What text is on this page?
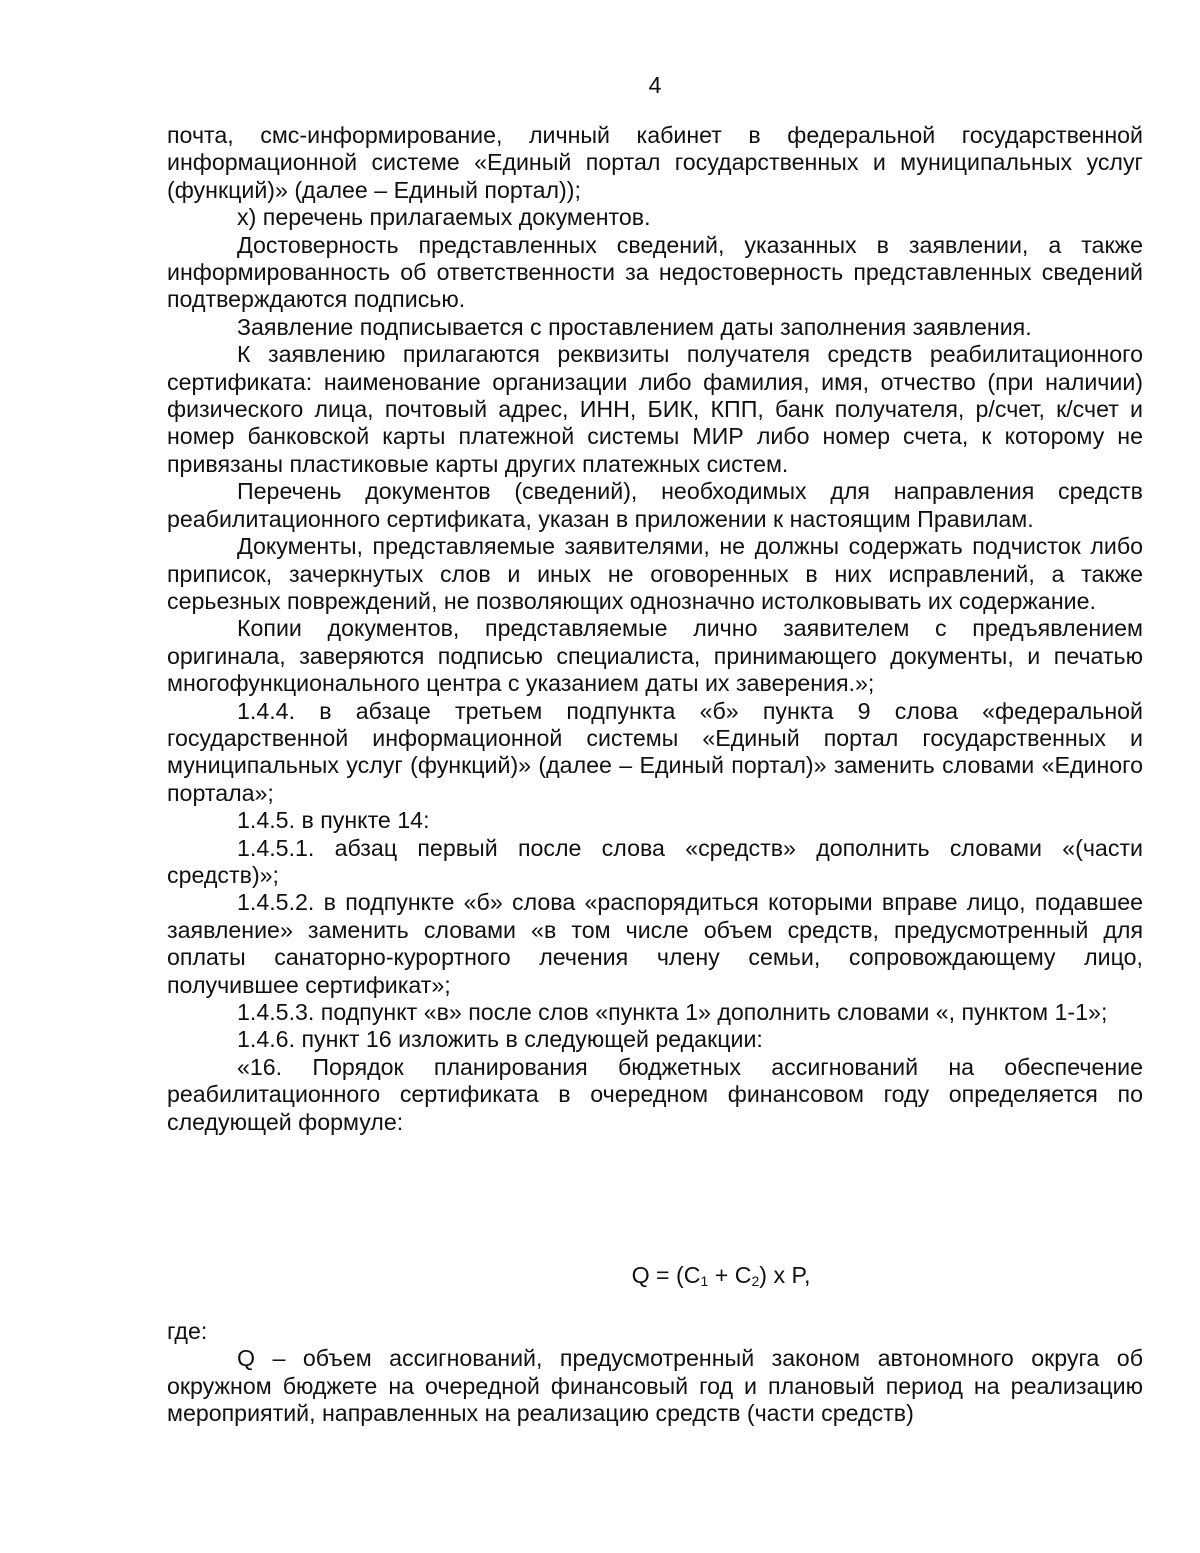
4

почта, смс-информирование, личный кабинет в федеральной государственной информационной системе «Единый портал государственных и муниципальных услуг (функций)» (далее – Единый портал));

х) перечень прилагаемых документов.

Достоверность представленных сведений, указанных в заявлении, а также информированность об ответственности за недостоверность представленных сведений подтверждаются подписью.

Заявление подписывается с проставлением даты заполнения заявления.

К заявлению прилагаются реквизиты получателя средств реабилитационного сертификата: наименование организации либо фамилия, имя, отчество (при наличии) физического лица, почтовый адрес, ИНН, БИК, КПП, банк получателя, р/счет, к/счет и номер банковской карты платежной системы МИР либо номер счета, к которому не привязаны пластиковые карты других платежных систем.

Перечень документов (сведений), необходимых для направления средств реабилитационного сертификата, указан в приложении к настоящим Правилам.

Документы, представляемые заявителями, не должны содержать подчисток либо приписок, зачеркнутых слов и иных не оговоренных в них исправлений, а также серьезных повреждений, не позволяющих однозначно истолковывать их содержание.

Копии документов, представляемые лично заявителем с предъявлением оригинала, заверяются подписью специалиста, принимающего документы, и печатью многофункционального центра с указанием даты их заверения.»;

1.4.4. в абзаце третьем подпункта «б» пункта 9 слова «федеральной государственной информационной системы «Единый портал государственных и муниципальных услуг (функций)» (далее – Единый портал)» заменить словами «Единого портала»;

1.4.5. в пункте 14:

1.4.5.1. абзац первый после слова «средств» дополнить словами «(части средств)»;

1.4.5.2. в подпункте «б» слова «распорядиться которыми вправе лицо, подавшее заявление» заменить словами «в том числе объем средств, предусмотренный для оплаты санаторно-курортного лечения члену семьи, сопровождающему лицо, получившее сертификат»;

1.4.5.3. подпункт «в» после слов «пункта 1» дополнить словами «, пунктом 1-1»;

1.4.6. пункт 16 изложить в следующей редакции:

«16. Порядок планирования бюджетных ассигнований на обеспечение реабилитационного сертификата в очередном финансовом году определяется по следующей формуле:

$Q = (C_1 + C_2)$ х P,

где:

Q – объем ассигнований, предусмотренный законом автономного округа об окружном бюджете на очередной финансовый год и плановый период на реализацию мероприятий, направленных на реализацию средств (части средств)
